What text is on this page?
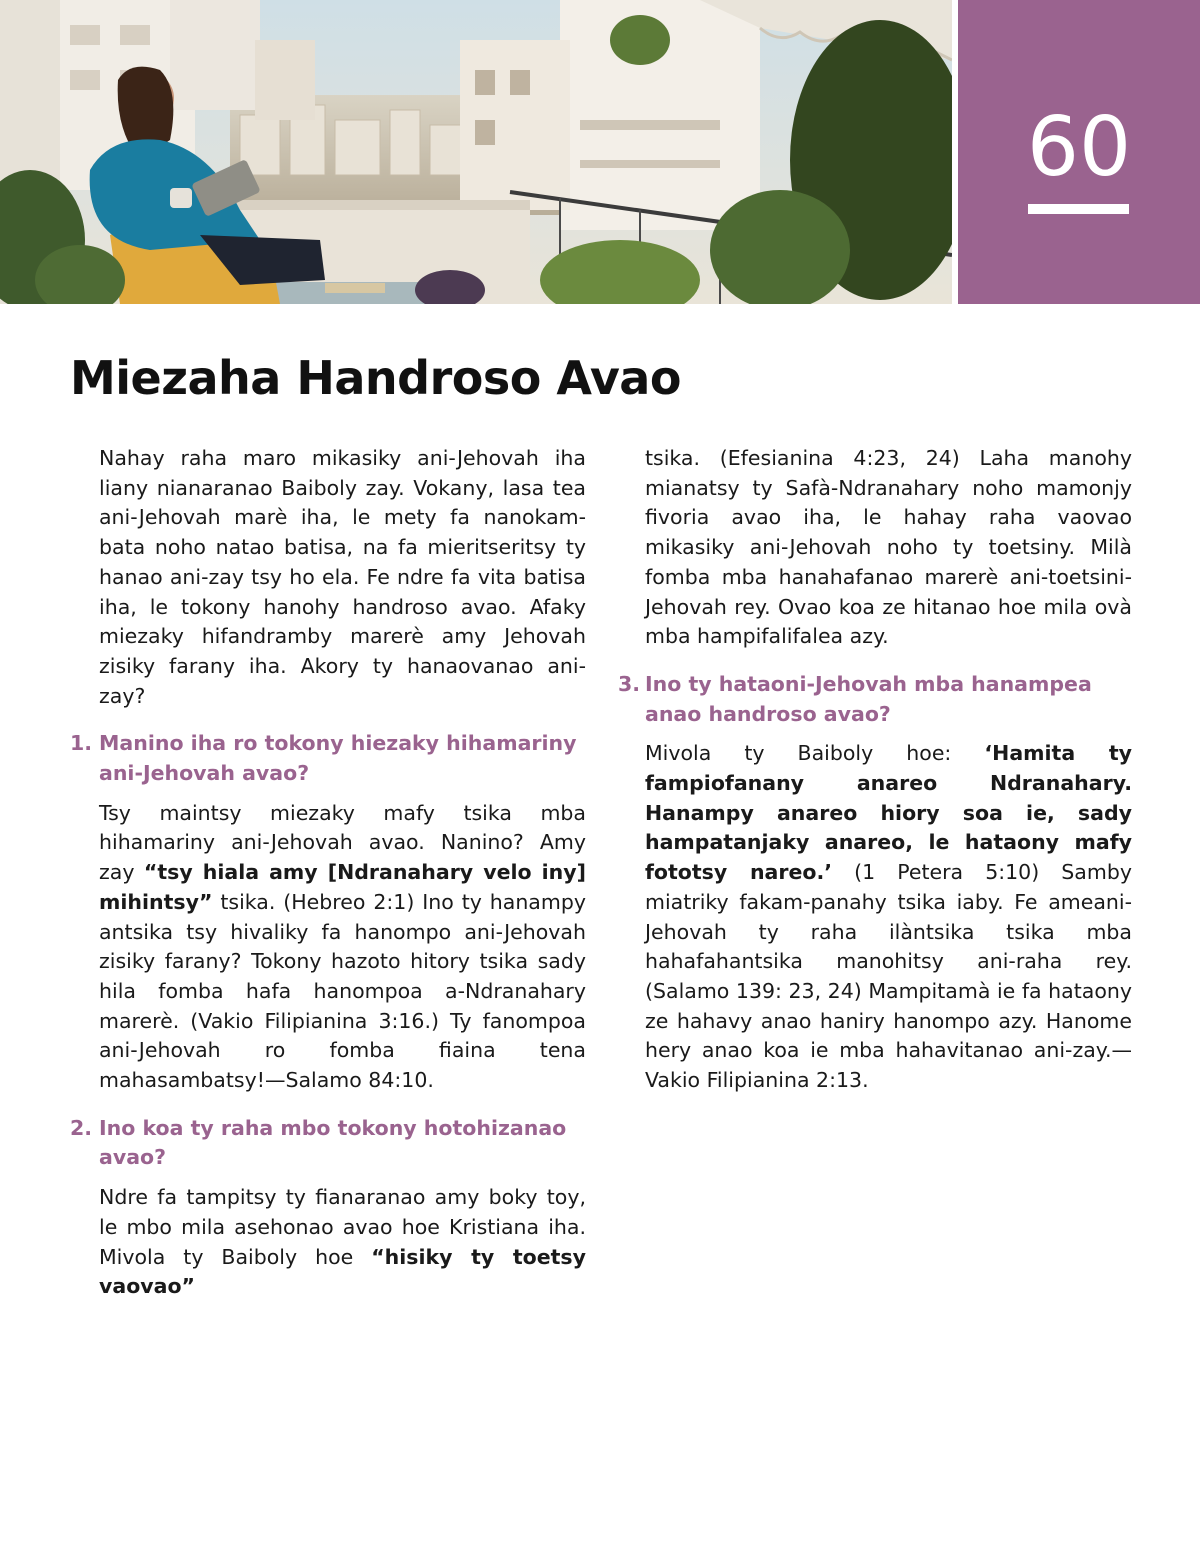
60
Miezaha Handroso Avao

Nahay raha maro mikasiky ani-Jehovah iha liany nianaranao Baiboly zay. Vokany, lasa tea ani-Jehovah marè iha, le mety fa nanokam-bata noho natao batisa, na fa mieritseritsy ty hanao ani-zay tsy ho ela. Fe ndre fa vita batisa iha, le tokony hanohy handroso avao. Afaky miezaky hifandramby marerè amy Jehovah zisiky farany iha. Akory ty hanaovanao ani-zay?

1. Manino iha ro tokony hiezaky hihamariny ani-Jehovah avao?

Tsy maintsy miezaky mafy tsika mba hihamariny ani-Jehovah avao. Nanino? Amy zay “tsy hiala amy [Ndranahary velo iny] mihintsy” tsika. (Hebreo 2:1) Ino ty hanampy antsika tsy hivaliky fa hanompo ani-Jehovah zisiky farany? Tokony hazoto hitory tsika sady hila fomba hafa hanompoa a-Ndranahary marerè. (Vakio Filipianina 3:16.) Ty fanompoa ani-Jehovah ro fomba fiaina tena mahasambatsy!—Salamo 84:10.

2. Ino koa ty raha mbo tokony hotohizanao avao?

Ndre fa tampitsy ty fianaranao amy boky toy, le mbo mila asehonao avao hoe Kristiana iha. Mivola ty Baiboly hoe “hisiky ty toetsy vaovao”

tsika. (Efesianina 4:23, 24) Laha manohy mianatsy ty Safà-Ndranahary noho mamonjy fivoria avao iha, le hahay raha vaovao mikasiky ani-Jehovah noho ty toetsiny. Milà fomba mba hanahafanao marerè ani-toetsini-Jehovah rey. Ovao koa ze hitanao hoe mila ovà mba hampifalifalea azy.

3. Ino ty hataoni-Jehovah mba hanampea anao handroso avao?

Mivola ty Baiboly hoe: ‘Hamita ty fampiofanany anareo Ndranahary. Hanampy anareo hiory soa ie, sady hampatanjaky anareo, le hataony mafy fototsy nareo.’ (1 Petera 5:10) Samby miatriky fakam-panahy tsika iaby. Fe ameani-Jehovah ty raha ilàntsika tsika mba hahafahantsika manohitsy ani-raha rey. (Salamo 139: 23, 24) Mampitamà ie fa hataony ze hahavy anao haniry hanompo azy. Hanome hery anao koa ie mba hahavitanao ani-zay.—Vakio Filipianina 2:13.
